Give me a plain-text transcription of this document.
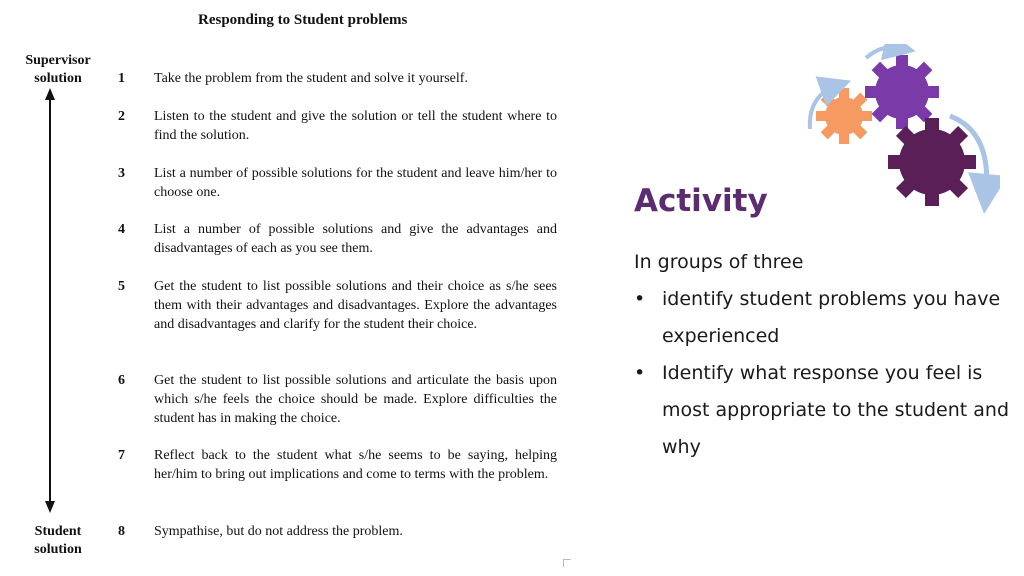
Responding to Student problems
Supervisor solution
Student solution
1	Take the problem from the student and solve it yourself.
2	Listen to the student and give the solution or tell the student where to find the solution.
3	List a number of possible solutions for the student and leave him/her to choose one.
4	List a number of possible solutions and give the advantages and disadvantages of each as you see them.
5	Get the student to list possible solutions and their choice as s/he sees them with their advantages and disadvantages. Explore the advantages and disadvantages and clarify for the student their choice.
6	Get the student to list possible solutions and articulate the basis upon which s/he feels the choice should be made. Explore difficulties the student has in making the choice.
7	Reflect back to the student what s/he seems to be saying, helping her/him to bring out implications and come to terms with the problem.
8	Sympathise, but do not address the problem.
Activity
In groups of three
• identify student problems you have experienced
• Identify what response you feel is most appropriate to the student and why
